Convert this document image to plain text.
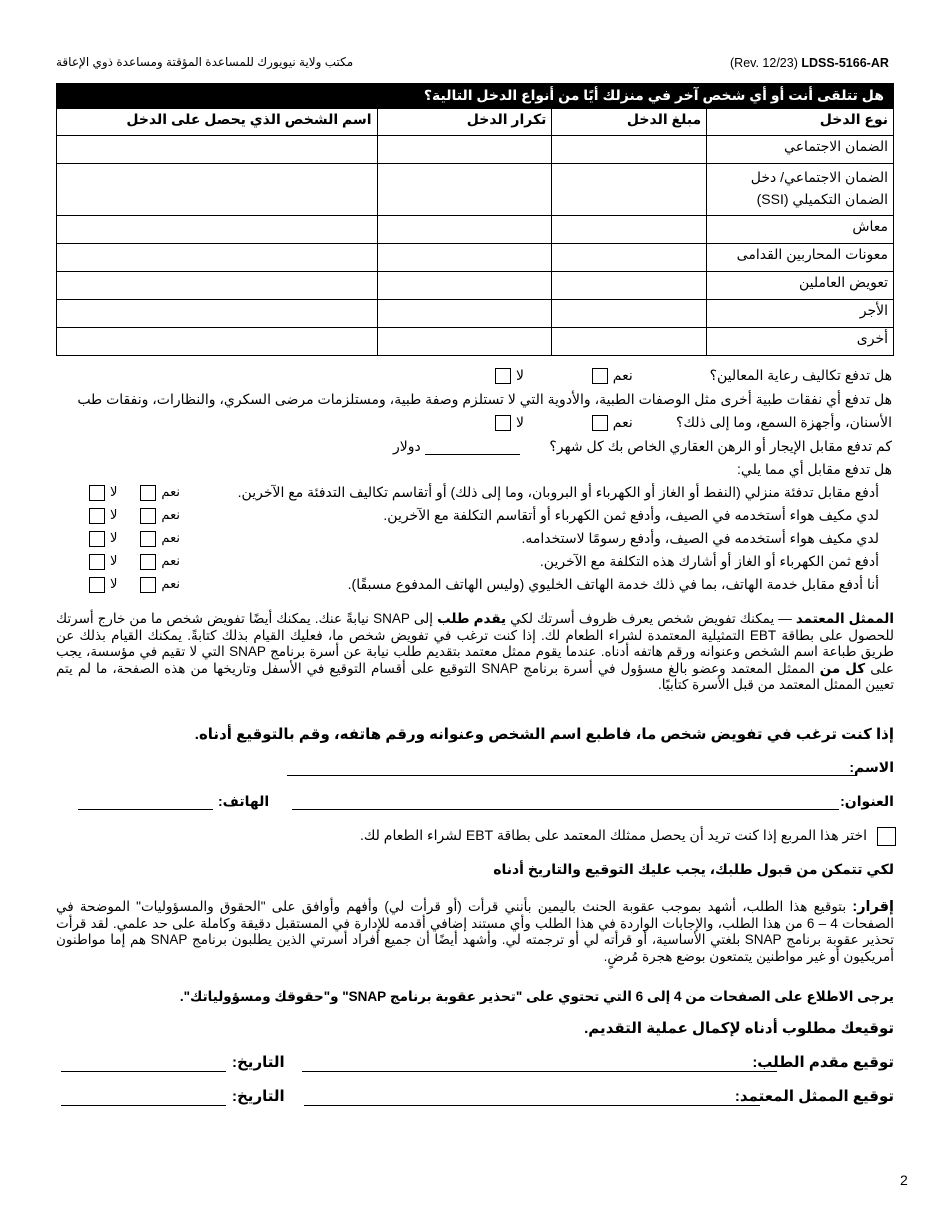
مكتب ولاية نيويورك للمساعدة المؤقتة ومساعدة ذوي الإعاقة	(Rev. 12/23) LDSS-5166-AR
هل تتلقى أنت أو أي شخص آخر في منزلك أيًا من أنواع الدخل التالية؟
نوع الدخل	مبلغ الدخل	تكرار الدخل	اسم الشخص الذي يحصل على الدخل
الضمان الاجتماعي			
الضمان الاجتماعي/ دخل الضمان التكميلي (SSI)			
معاش			
معونات المحاربين القدامى			
تعويض العاملين			
الأجر			
أخرى			
هل تدفع تكاليف رعاية المعالين؟
نعم  لا
هل تدفع أي نفقات طبية أخرى مثل الوصفات الطبية، والأدوية التي لا تستلزم وصفة طبية، ومستلزمات مرضى السكري، والنظارات، ونفقات طب
الأسنان، وأجهزة السمع، وما إلى ذلك؟
نعم  لا
كم تدفع مقابل الإيجار أو الرهن العقاري الخاص بك كل شهر؟
دولار
هل تدفع مقابل أي مما يلي:
أدفع مقابل تدفئة منزلي (النفط أو الغاز أو الكهرباء أو البروبان، وما إلى ذلك) أو أتقاسم تكاليف التدفئة مع الآخرين.
نعملا
لدي مكيف هواء أستخدمه في الصيف، وأدفع ثمن الكهرباء أو أتقاسم التكلفة مع الآخرين.
نعملا
لدي مكيف هواء أستخدمه في الصيف، وأدفع رسومًا لاستخدامه.
نعملا
أدفع ثمن الكهرباء أو الغاز أو أشارك هذه التكلفة مع الآخرين.
نعملا
أنا أدفع مقابل خدمة الهاتف، بما في ذلك خدمة الهاتف الخليوي (وليس الهاتف المدفوع مسبقًا).
نعملا
الممثل المعتمد — يمكنك تفويض شخص يعرف ظروف أسرتك لكي يقدم طلب إلى SNAP نيابةً عنك. يمكنك أيضًا تفويض شخص ما من خارج أسرتك للحصول على بطاقة EBT التمثيلية المعتمدة لشراء الطعام لك. إذا كنت ترغب في تفويض شخص ما، فعليك القيام بذلك كتابةً. يمكنك القيام بذلك عن طريق طباعة اسم الشخص وعنوانه ورقم هاتفه أدناه. عندما يقوم ممثل معتمد بتقديم طلب نيابة عن أسرة برنامج SNAP التي لا تقيم في مؤسسة، يجب على كل من الممثل المعتمد وعضو بالغ مسؤول في أسرة برنامج SNAP التوقيع على أقسام التوقيع في الأسفل وتاريخها من هذه الصفحة، ما لم يتم تعيين الممثل المعتمد من قبل الأسرة كتابيًا.
إذا كنت ترغب في تفويض شخص ما، فاطبع اسم الشخص وعنوانه ورقم هاتفه، وقم بالتوقيع أدناه.
الاسم:
العنوان:
الهاتف:
اختر هذا المربع إذا كنت تريد أن يحصل ممثلك المعتمد على بطاقة EBT لشراء الطعام لك.
لكي تتمكن من قبول طلبك، يجب عليك التوقيع والتاريخ أدناه
إقرار: بتوقيع هذا الطلب، أشهد بموجب عقوبة الحنث باليمين بأنني قرأت (أو قرأت لي) وأفهم وأوافق على "الحقوق والمسؤوليات" الموضحة في الصفحات 4 – 6 من هذا الطلب، والإجابات الواردة في هذا الطلب وأي مستند إضافي أقدمه للإدارة في المستقبل دقيقة وكاملة على حد علمي. لقد قرأت تحذير عقوبة برنامج SNAP بلغتي الأساسية، أو قرأته لي أو ترجمته لي. وأشهد أيضًا أن جميع أفراد أسرتي الذين يطلبون برنامج SNAP هم إما مواطنون أمريكيون أو غير مواطنين يتمتعون بوضع هجرة مُرضٍ.
يرجى الاطلاع على الصفحات من 4 إلى 6 التي تحتوي على "تحذير عقوبة برنامج SNAP" و"حقوقك ومسؤولياتك".
توقيعك مطلوب أدناه لإكمال عملية التقديم.
توقيع مقدم الطلب:
التاريخ:
توقيع الممثل المعتمد:
التاريخ:
2
